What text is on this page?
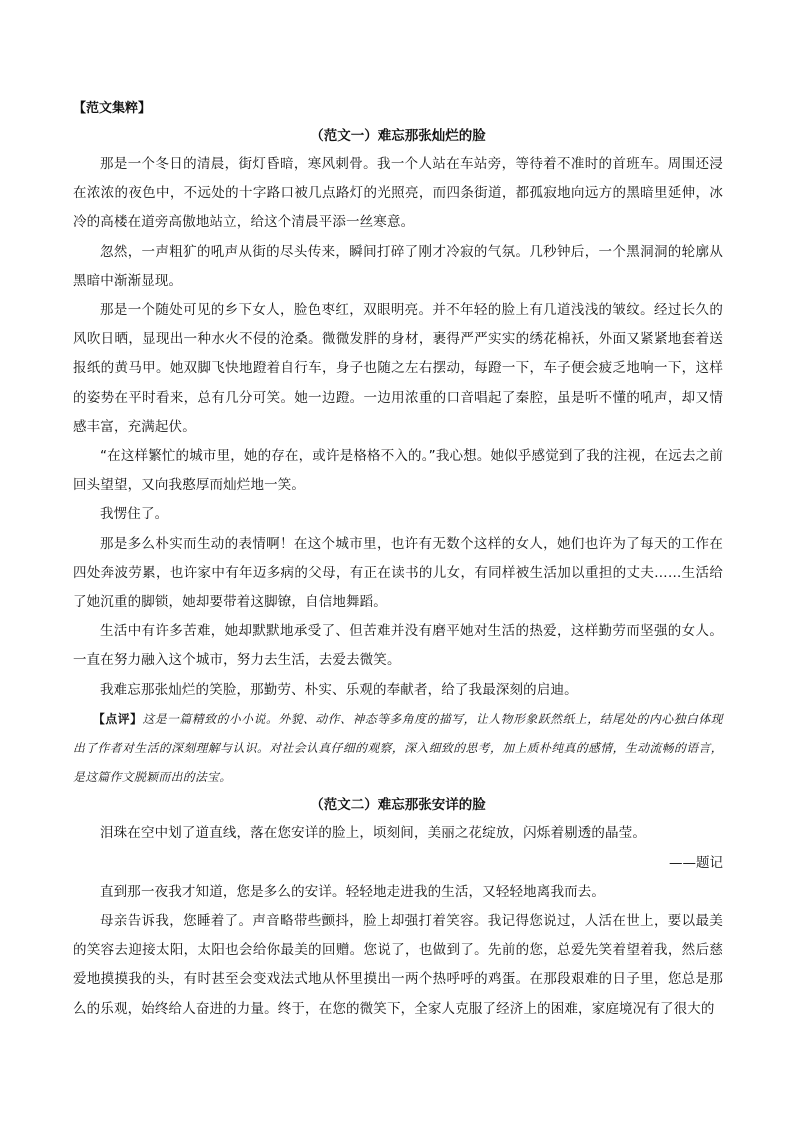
【范文集粹】
（范文一）难忘那张灿烂的脸

那是一个冬日的清晨，街灯昏暗，寒风刺骨。我一个人站在车站旁，等待着不准时的首班车。周围还浸在浓浓的夜色中，不远处的十字路口被几点路灯的光照亮，而四条街道，都孤寂地向远方的黑暗里延伸，冰冷的高楼在道旁高傲地站立，给这个清晨平添一丝寒意。

忽然，一声粗犷的吼声从街的尽头传来，瞬间打碎了刚才冷寂的气氛。几秒钟后，一个黑洞洞的轮廓从黑暗中渐渐显现。

那是一个随处可见的乡下女人，脸色枣红，双眼明亮。并不年轻的脸上有几道浅浅的皱纹。经过长久的风吹日晒，显现出一种水火不侵的沧桑。微微发胖的身材，裹得严严实实的绣花棉袄，外面又紧紧地套着送报纸的黄马甲。她双脚飞快地蹬着自行车，身子也随之左右摆动，每蹬一下，车子便会疲乏地响一下，这样的姿势在平时看来，总有几分可笑。她一边蹬。一边用浓重的口音唱起了秦腔，虽是听不懂的吼声，却又情感丰富，充满起伏。

“在这样繁忙的城市里，她的存在，或许是格格不入的。”我心想。她似乎感觉到了我的注视，在远去之前回头望望，又向我憨厚而灿烂地一笑。

我愣住了。

那是多么朴实而生动的表情啊！在这个城市里，也许有无数个这样的女人，她们也许为了每天的工作在四处奔波劳累，也许家中有年迈多病的父母，有正在读书的儿女，有同样被生活加以重担的丈夫……生活给了她沉重的脚锁，她却要带着这脚镣，自信地舞蹈。

生活中有许多苦难，她却默默地承受了、但苦难并没有磨平她对生活的热爱，这样勤劳而坚强的女人。一直在努力融入这个城市，努力去生活，去爱去微笑。

我难忘那张灿烂的笑脸，那勤劳、朴实、乐观的奉献者，给了我最深刻的启迪。

【点评】这是一篇精致的小小说。外貌、动作、神态等多角度的描写，让人物形象跃然纸上，结尾处的内心独白体现出了作者对生活的深刻理解与认识。对社会认真仔细的观察，深入细致的思考，加上质朴纯真的感情，生动流畅的语言，是这篇作文脱颖而出的法宝。

（范文二）难忘那张安详的脸

泪珠在空中划了道直线，落在您安详的脸上，顷刻间，美丽之花绽放，闪烁着剔透的晶莹。

——题记

直到那一夜我才知道，您是多么的安详。轻轻地走进我的生活，又轻轻地离我而去。

母亲告诉我，您睡着了。声音略带些颤抖，脸上却强打着笑容。我记得您说过，人活在世上，要以最美的笑容去迎接太阳，太阳也会给你最美的回赠。您说了，也做到了。先前的您，总爱先笑着望着我，然后慈爱地摸摸我的头，有时甚至会变戏法式地从怀里摸出一两个热呼呼的鸡蛋。在那段艰难的日子里，您总是那么的乐观，始终给人奋进的力量。终于，在您的微笑下，全家人克服了经济上的困难，家庭境况有了很大的
